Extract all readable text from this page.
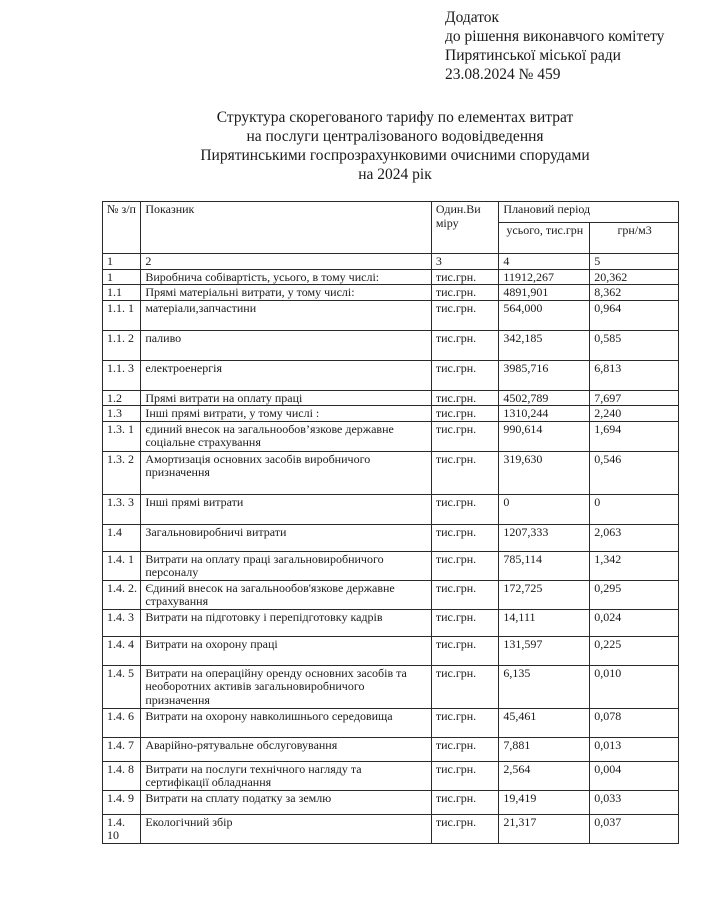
Додаток
до рішення виконавчого комітету
Пирятинської міської ради
23.08.2024 № 459
Структура скорегованого тарифу по елементах витрат
на послуги централізованого водовідведення
Пирятинськими госпрозрахунковими очисними спорудами
на 2024 рік
№ з/п	Показник	Один.Ви міру	Плановий період	
			усього, тис.грн	грн/м3
1	2	3	4	5
1	Виробнича собівартість, усього, в тому числі:	тис.грн.	11912,267	20,362
1.1	Прямі матеріальні витрати, у тому числі:	тис.грн.	4891,901	8,362
1.1. 1	матеріали,запчастини	тис.грн.	564,000	0,964
1.1. 2	паливо	тис.грн.	342,185	0,585
1.1. 3	електроенергія	тис.грн.	3985,716	6,813
1.2	Прямі витрати на оплату праці	тис.грн.	4502,789	7,697
1.3	Інші прямі витрати, у тому числі :	тис.грн.	1310,244	2,240
1.3. 1	єдиний внесок на загальнообов’язкове державне соціальне страхування	тис.грн.	990,614	1,694
1.3. 2	Амортизація основних засобів виробничого призначення	тис.грн.	319,630	0,546
1.3. 3	Інші прямі витрати	тис.грн.	0	0
1.4	Загальновиробничі витрати	тис.грн.	1207,333	2,063
1.4. 1	Витрати на оплату праці загальновиробничого персоналу	тис.грн.	785,114	1,342
1.4. 2.	Єдиний внесок на загальнообов'язкове державне страхування	тис.грн.	172,725	0,295
1.4. 3	Витрати на підготовку і перепідготовку кадрів	тис.грн.	14,111	0,024
1.4. 4	Витрати на охорону праці	тис.грн.	131,597	0,225
1.4. 5	Витрати на операційну оренду основних засобів та необоротних активів загальновиробничого призначення	тис.грн.	6,135	0,010
1.4. 6	Витрати на охорону навколишнього середовища	тис.грн.	45,461	0,078
1.4. 7	Аварійно-рятувальне обслуговування	тис.грн.	7,881	0,013
1.4. 8	Витрати на послуги технічного нагляду та сертифікації обладнання	тис.грн.	2,564	0,004
1.4. 9	Витрати на сплату податку за землю	тис.грн.	19,419	0,033
1.4. 10	Екологічний збір	тис.грн.	21,317	0,037
